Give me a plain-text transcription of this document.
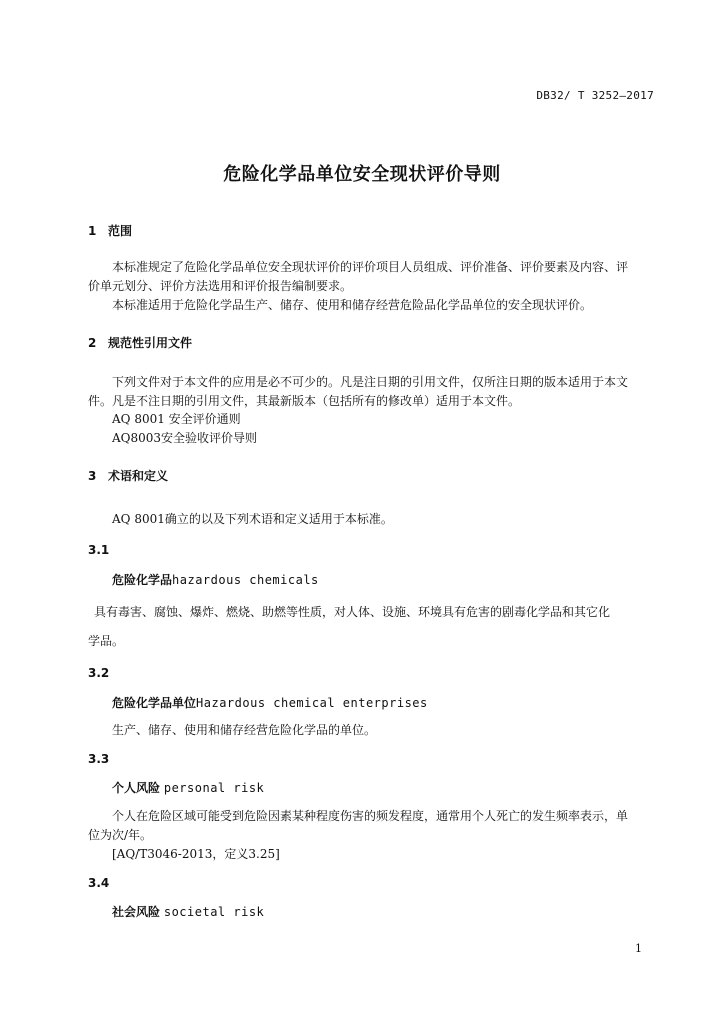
DB32/ T 3252—2017
危险化学品单位安全现状评价导则
1 范围
本标准规定了危险化学品单位安全现状评价的评价项目人员组成、评价准备、评价要素及内容、评
价单元划分、评价方法选用和评价报告编制要求。
本标准适用于危险化学品生产、储存、使用和储存经营危险品化学品单位的安全现状评价。
2 规范性引用文件
下列文件对于本文件的应用是必不可少的。凡是注日期的引用文件，仅所注日期的版本适用于本文
件。凡是不注日期的引用文件，其最新版本（包括所有的修改单）适用于本文件。
AQ 8001 安全评价通则
AQ8003安全验收评价导则
3 术语和定义
AQ 8001确立的以及下列术语和定义适用于本标准。
3.1
危险化学品hazardous chemicals
具有毒害、腐蚀、爆炸、燃烧、助燃等性质，对人体、设施、环境具有危害的剧毒化学品和其它化
学品。
3.2
危险化学品单位Hazardous chemical enterprises
生产、储存、使用和储存经营危险化学品的单位。
3.3
个人风险 personal risk
个人在危险区域可能受到危险因素某种程度伤害的频发程度，通常用个人死亡的发生频率表示，单
位为次/年。
[AQ/T3046-2013，定义3.25]
3.4
社会风险 societal risk
1
